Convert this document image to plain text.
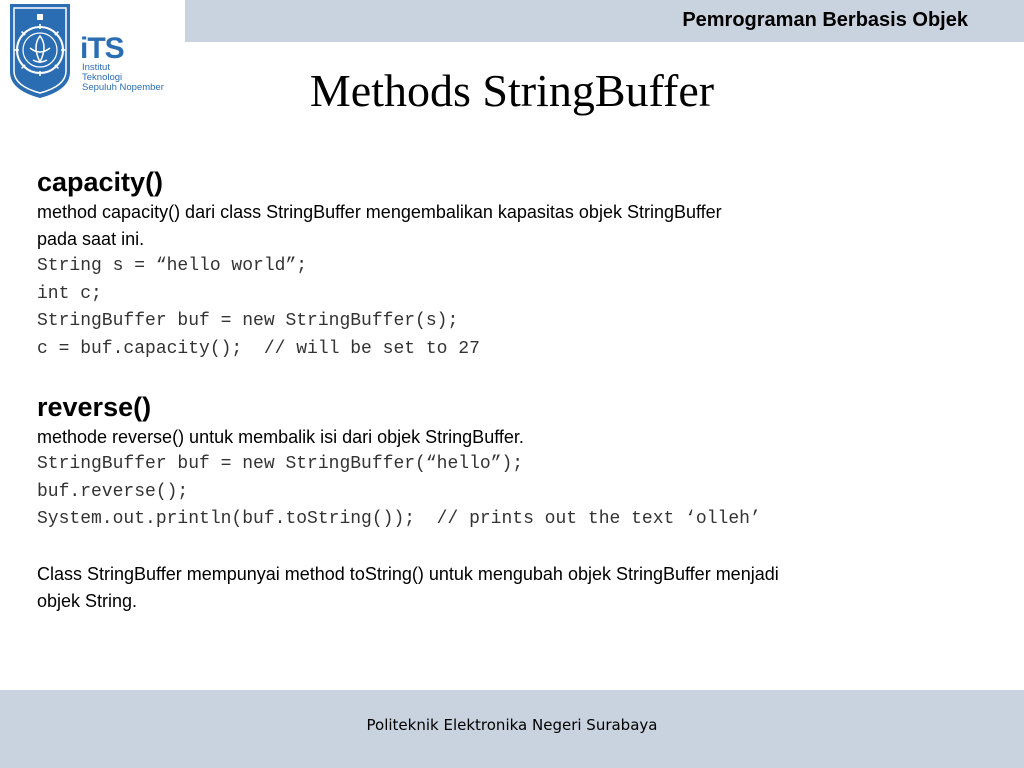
Pemrograman Berbasis Objek
iTS
Institut
Teknologi
Sepuluh Nopember	Methods StringBuffer

capacity()

method capacity() dari class StringBuffer mengembalikan kapasitas objek StringBuffer

pada saat ini.

String s = “hello world”;

int c;

StringBuffer buf = new StringBuffer(s);

c = buf.capacity();  // will be set to 27

reverse()

methode reverse() untuk membalik isi dari objek StringBuffer.

StringBuffer buf = new StringBuffer(“hello”);

buf.reverse();

System.out.println(buf.toString());  // prints out the text ‘olleh’

Class StringBuffer mempunyai method toString() untuk mengubah objek StringBuffer menjadi

objek String.

Politeknik Elektronika Negeri Surabaya
